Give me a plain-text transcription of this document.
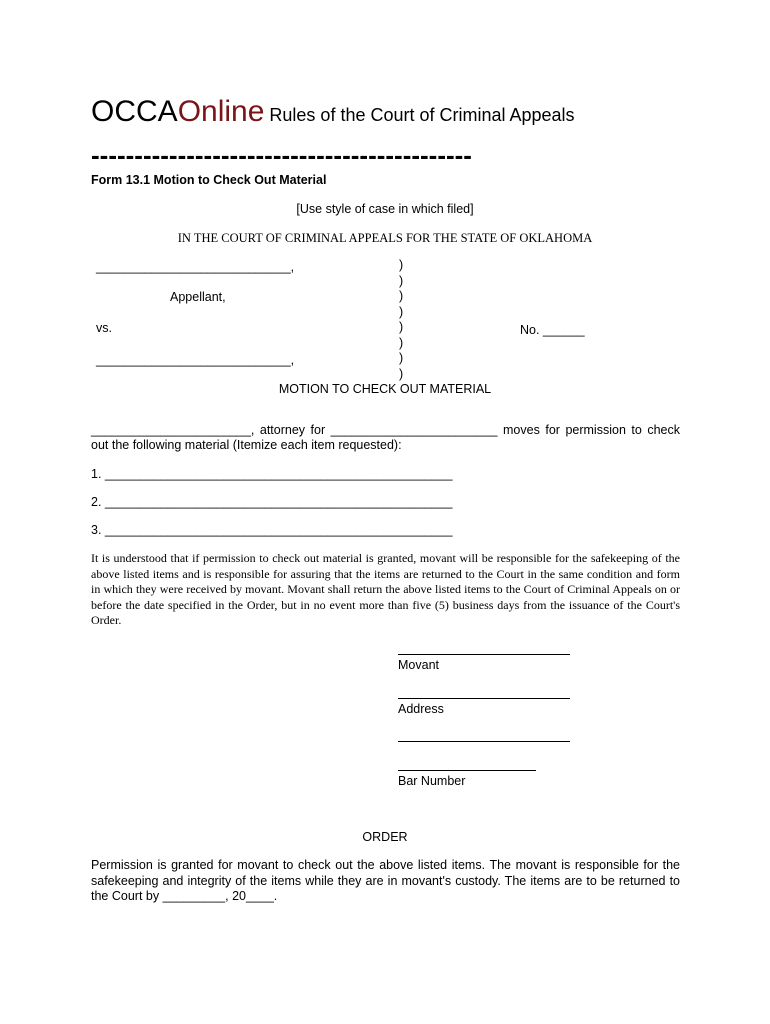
OCCAOnline Rules of the Court of Criminal Appeals
--------------------------------------------
Form 13.1 Motion to Check Out Material
[Use style of case in which filed]
IN THE COURT OF CRIMINAL APPEALS FOR THE STATE OF OKLAHOMA
____________________________,
Appellant,
vs.	No. ______
____________________________,
)
)
)
)
)
)
)
)
MOTION TO CHECK OUT MATERIAL
_______________________, attorney for ________________________ moves for permission to check out the following material (Itemize each item requested):
1. __________________________________________________
2. __________________________________________________
3. __________________________________________________
It is understood that if permission to check out material is granted, movant will be responsible for the safekeeping of the above listed items and is responsible for assuring that the items are returned to the Court in the same condition and form in which they were received by movant. Movant shall return the above listed items to the Court of Criminal Appeals on or before the date specified in the Order, but in no event more than five (5) business days from the issuance of the Court's Order.
Movant
Address
Bar Number
ORDER
Permission is granted for movant to check out the above listed items. The movant is responsible for the safekeeping and integrity of the items while they are in movant's custody. The items are to be returned to the Court by _________, 20____.
